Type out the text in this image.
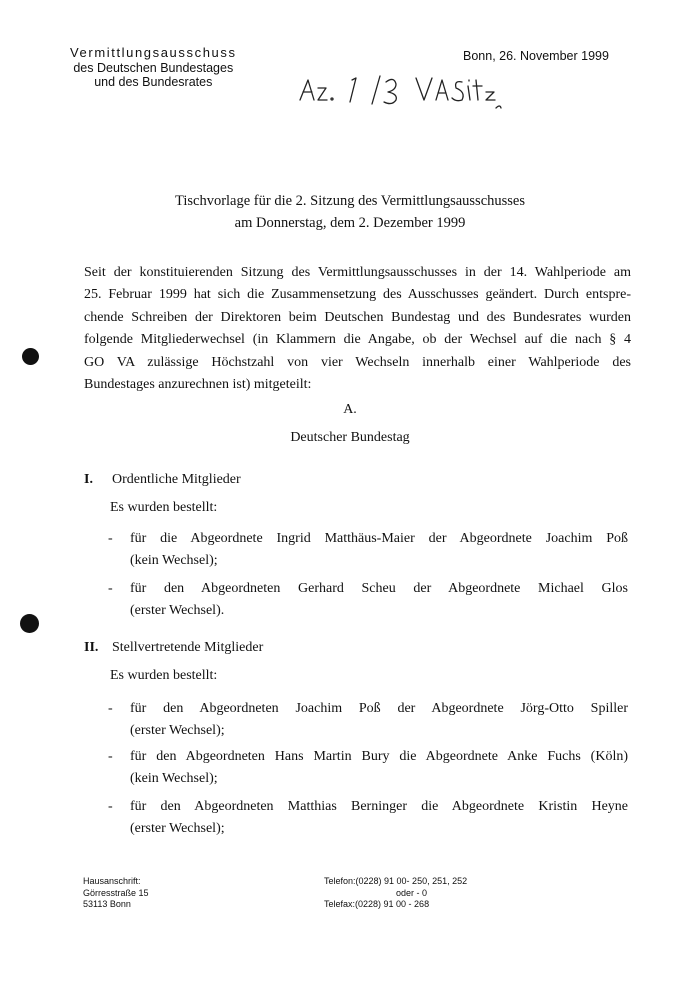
Vermittlungsausschuss
des Deutschen Bundestages
und des Bundesrates
Bonn, 26. November 1999
Tischvorlage für die 2. Sitzung des Vermittlungsausschusses
am Donnerstag, dem 2. Dezember 1999
Seit der konstituierenden Sitzung des Vermittlungsausschusses in der 14. Wahlperiode am
25. Februar 1999 hat sich die Zusammensetzung des Ausschusses geändert. Durch entspre-
chende Schreiben der Direktoren beim Deutschen Bundestag und des Bundesrates wurden
folgende Mitgliederwechsel (in Klammern die Angabe, ob der Wechsel auf die nach § 4
GO VA zulässige Höchstzahl von vier Wechseln innerhalb einer Wahlperiode des
Bundestages anzurechnen ist) mitgeteilt:
A.
Deutscher Bundestag
I. Ordentliche Mitglieder
Es wurden bestellt:
- für die Abgeordnete Ingrid Matthäus-Maier der Abgeordnete Joachim Poß
(kein Wechsel);
- für den Abgeordneten Gerhard Scheu der Abgeordnete Michael Glos
(erster Wechsel).
II. Stellvertretende Mitglieder
Es wurden bestellt:
- für den Abgeordneten Joachim Poß der Abgeordnete Jörg-Otto Spiller
(erster Wechsel);
- für den Abgeordneten Hans Martin Bury die Abgeordnete Anke Fuchs (Köln)
(kein Wechsel);
- für den Abgeordneten Matthias Berninger die Abgeordnete Kristin Heyne
(erster Wechsel);
Hausanschrift:
Görresstraße 15
53113 Bonn
Telefon:(0228) 91 00- 250, 251, 252
oder - 0
Telefax:(0228) 91 00 - 268
